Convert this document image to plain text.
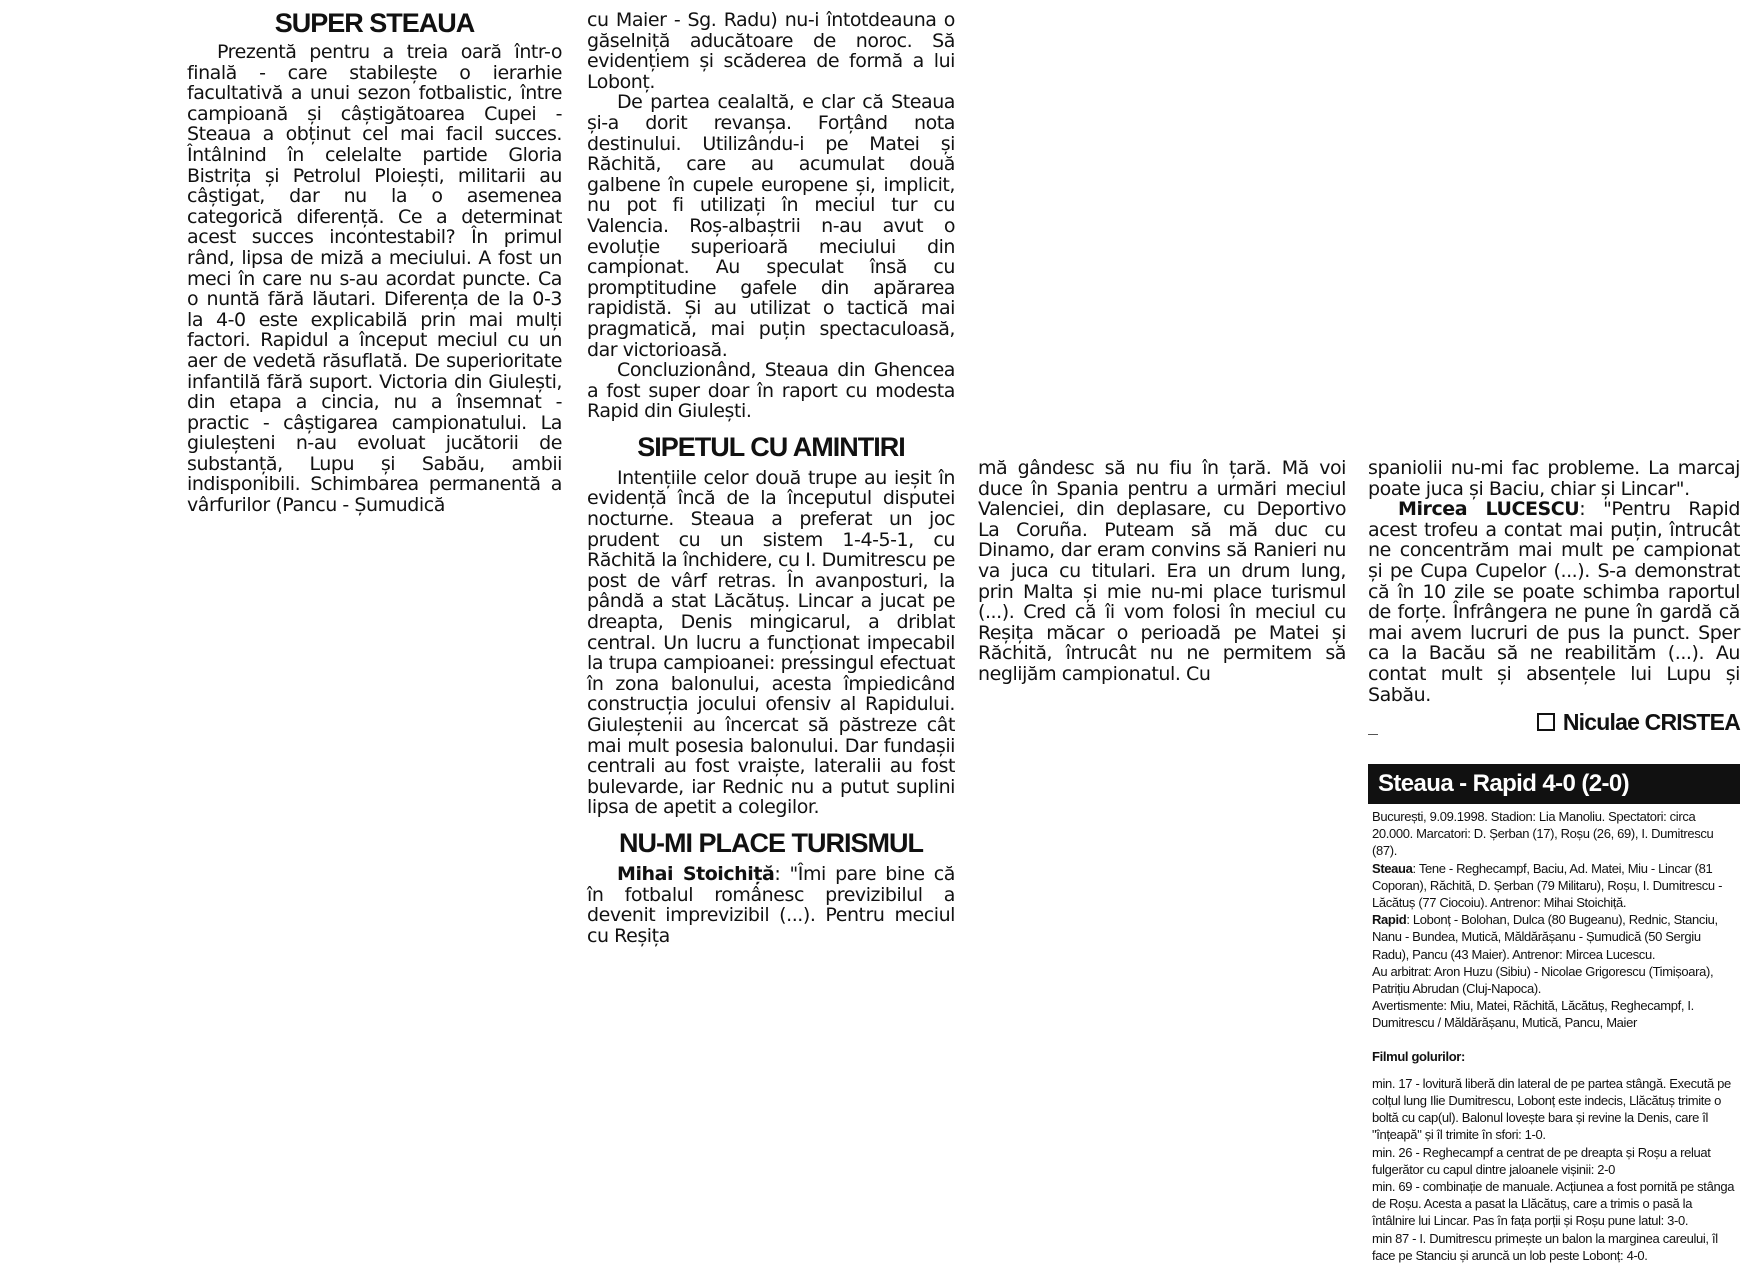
SUPER STEAUA

Prezentă pentru a treia oară într-o finală - care stabilește o ierarhie facultativă a unui sezon fotbalistic, între campioană și câștigătoarea Cupei - Steaua a obținut cel mai facil succes. Întâlnind în celelalte partide Gloria Bistrița și Petrolul Ploiești, militarii au câștigat, dar nu la o asemenea categorică diferență. Ce a determinat acest succes incontestabil? În primul rând, lipsa de miză a meciului. A fost un meci în care nu s-au acordat puncte. Ca o nuntă fără lăutari. Diferența de la 0-3 la 4-0 este explicabilă prin mai mulți factori. Rapidul a început meciul cu un aer de vedetă răsuflată. De superioritate infantilă fără suport. Victoria din Giulești, din etapa a cincia, nu a însemnat - practic - câștigarea campionatului. La giuleșteni n-au evoluat jucătorii de substanță, Lupu și Sabău, ambii indisponibili. Schimbarea permanentă a vârfurilor (Pancu - Șumudică

cu Maier - Sg. Radu) nu-i întotdeauna o găselniță aducătoare de noroc. Să evidențiem și scăderea de formă a lui Lobonț.

De partea cealaltă, e clar că Steaua și-a dorit revanșa. Forțând nota destinului. Utilizându-i pe Matei și Răchită, care au acumulat două galbene în cupele europene și, implicit, nu pot fi utilizați în meciul tur cu Valencia. Roș-albaștrii n-au avut o evoluție superioară meciului din campionat. Au speculat însă cu promptitudine gafele din apărarea rapidistă. Și au utilizat o tactică mai pragmatică, mai puțin spectaculoasă, dar victorioasă.

Concluzionând, Steaua din Ghencea a fost super doar în raport cu modesta Rapid din Giulești.

SIPETUL CU AMINTIRI

Intențiile celor două trupe au ieșit în evidență încă de la începutul disputei nocturne. Steaua a preferat un joc prudent cu un sistem 1-4-5-1, cu Răchită la închidere, cu I. Dumitrescu pe post de vârf retras. În avanposturi, la pândă a stat Lăcătuș. Lincar a jucat pe dreapta, Denis mingicarul, a driblat central. Un lucru a funcționat impecabil la trupa campioanei: pressingul efectuat în zona balonului, acesta împiedicând construcția jocului ofensiv al Rapidului. Giuleștenii au încercat să păstreze cât mai mult posesia balonului. Dar fundașii centrali au fost vraiște, lateralii au fost bulevarde, iar Rednic nu a putut suplini lipsa de apetit a colegilor.

NU-MI PLACE TURISMUL

Mihai Stoichiță: "Îmi pare bine că în fotbalul românesc previzibilul a devenit imprevizibil (...). Pentru meciul cu Reșița

mă gândesc să nu fiu în țară. Mă voi duce în Spania pentru a urmări meciul Valenciei, din deplasare, cu Deportivo La Coruña. Puteam să mă duc cu Dinamo, dar eram convins să Ranieri nu va juca cu titulari. Era un drum lung, prin Malta și mie nu-mi place turismul (...). Cred că îi vom folosi în meciul cu Reșița măcar o perioadă pe Matei și Răchită, întrucât nu ne permitem să neglijăm campionatul. Cu

spaniolii nu-mi fac probleme. La marcaj poate juca și Baciu, chiar și Lincar".

Mircea LUCESCU: "Pentru Rapid acest trofeu a contat mai puțin, întrucât ne concentrăm mai mult pe campionat și pe Cupa Cupelor (...). S-a demonstrat că în 10 zile se poate schimba raportul de forțe. Înfrângera ne pune în gardă că mai avem lucruri de pus la punct. Sper ca la Bacău să ne reabilităm (...). Au contat mult și absențele lui Lupu și Sabău.

Niculae CRISTEA
Steaua - Rapid 4-0 (2-0)

București, 9.09.1998. Stadion: Lia Manoliu. Spectatori: circa 20.000. Marcatori: D. Șerban (17), Roșu (26, 69), I. Dumitrescu (87).

Steaua: Tene - Reghecampf, Baciu, Ad. Matei, Miu - Lincar (81 Coporan), Răchită, D. Șerban (79 Militaru), Roșu, I. Dumitrescu - Lăcătuș (77 Ciocoiu). Antrenor: Mihai Stoichiță.

Rapid: Lobonț - Bolohan, Dulca (80 Bugeanu), Rednic, Stanciu, Nanu - Bundea, Mutică, Măldărășanu - Șumudică (50 Sergiu Radu), Pancu (43 Maier). Antrenor: Mircea Lucescu.

Au arbitrat: Aron Huzu (Sibiu) - Nicolae Grigorescu (Timișoara), Patrițiu Abrudan (Cluj-Napoca).

Avertismente: Miu, Matei, Răchită, Lăcătuș, Reghecampf, I. Dumitrescu / Măldărășanu, Mutică, Pancu, Maier

Filmul golurilor:

min. 17 - lovitură liberă din lateral de pe partea stângă. Execută pe colțul lung Ilie Dumitrescu, Lobonț este indecis, Llăcătuș trimite o boltă cu cap(ul). Balonul lovește bara și revine la Denis, care îl "înțeapă" și îl trimite în sfori: 1-0.

min. 26 - Reghecampf a centrat de pe dreapta și Roșu a reluat fulgerător cu capul dintre jaloanele vișinii: 2-0

min. 69 - combinație de manuale. Acțiunea a fost pornită pe stânga de Roșu. Acesta a pasat la Llăcătuș, care a trimis o pasă la întâlnire lui Lincar. Pas în fața porții și Roșu pune latul: 3-0.

min 87 - I. Dumitrescu primește un balon la marginea careului, îl face pe Stanciu și aruncă un lob peste Lobonț: 4-0.
